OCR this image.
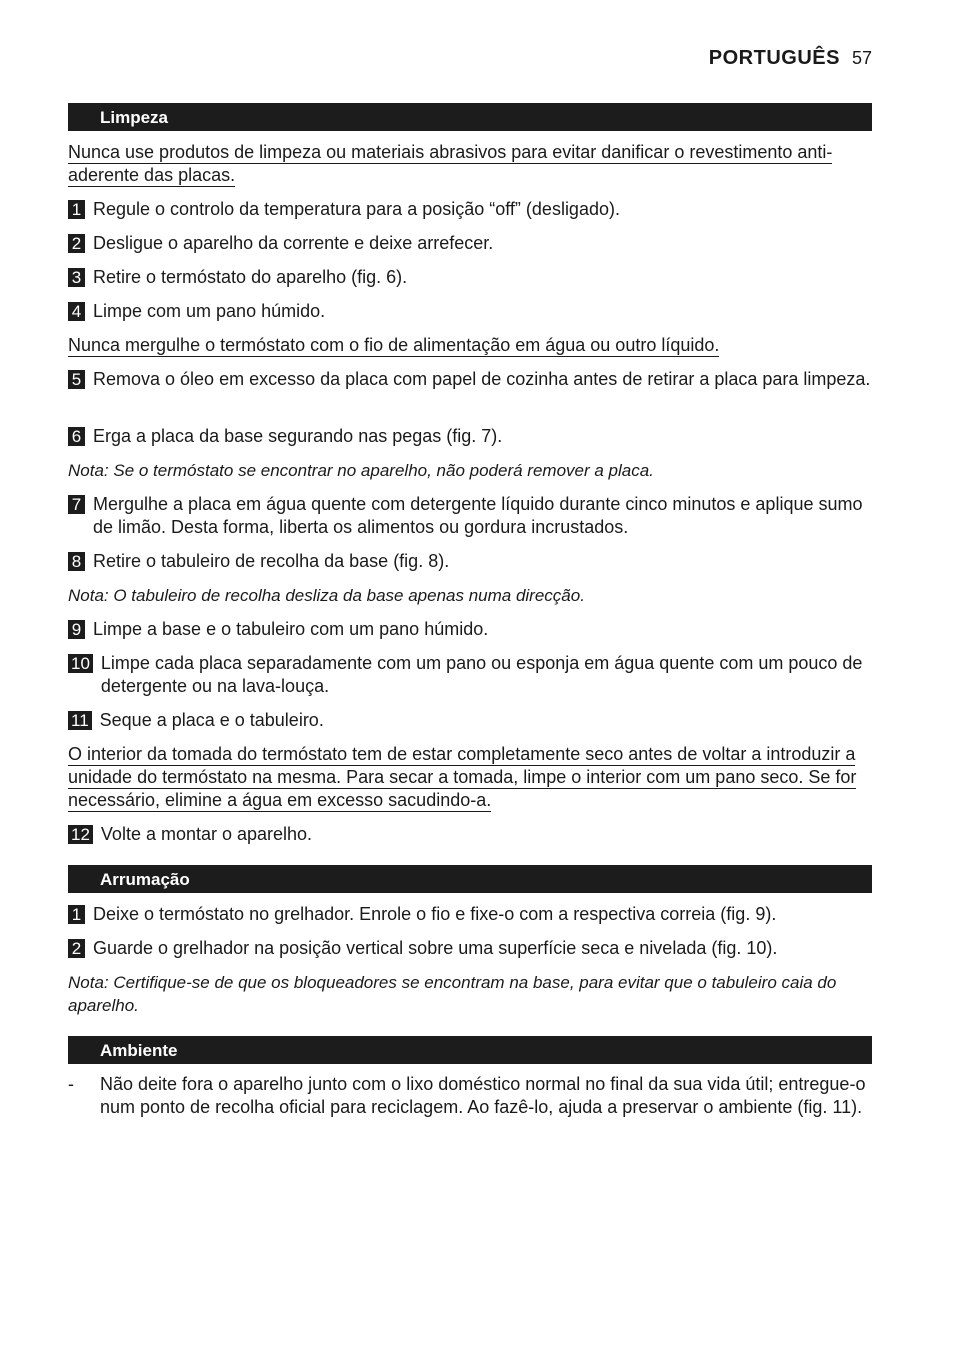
PORTUGUÊS 57
Limpeza
Nunca use produtos de limpeza ou materiais abrasivos para evitar danificar o revestimento anti-aderente das placas.
1 Regule o controlo da temperatura para a posição “off” (desligado).
2 Desligue o aparelho da corrente e deixe arrefecer.
3 Retire o termóstato do aparelho (fig. 6).
4 Limpe com um pano húmido.
Nunca mergulhe o termóstato com o fio de alimentação em água ou outro líquido.
5 Remova o óleo em excesso da placa com papel de cozinha antes de retirar a placa para limpeza.
6 Erga a placa da base segurando nas pegas (fig. 7).
Nota: Se o termóstato se encontrar no aparelho, não poderá remover a placa.
7 Mergulhe a placa em água quente com detergente líquido durante cinco minutos e aplique sumo de limão. Desta forma, liberta os alimentos ou gordura incrustados.
8 Retire o tabuleiro de recolha da base (fig. 8).
Nota: O tabuleiro de recolha desliza da base apenas numa direcção.
9 Limpe a base e o tabuleiro com um pano húmido.
10 Limpe cada placa separadamente com um pano ou esponja em água quente com um pouco de detergente ou na lava-louça.
11 Seque a placa e o tabuleiro.
O interior da tomada do termóstato tem de estar completamente seco antes de voltar a introduzir a unidade do termóstato na mesma. Para secar a tomada, limpe o interior com um pano seco. Se for necessário, elimine a água em excesso sacudindo-a.
12 Volte a montar o aparelho.
Arrumação
1 Deixe o termóstato no grelhador. Enrole o fio e fixe-o com a respectiva correia (fig. 9).
2 Guarde o grelhador na posição vertical sobre uma superfície seca e nivelada (fig. 10).
Nota: Certifique-se de que os bloqueadores se encontram na base, para evitar que o tabuleiro caia do aparelho.
Ambiente
-	Não deite fora o aparelho junto com o lixo doméstico normal no final da sua vida útil; entregue-o num ponto de recolha oficial para reciclagem. Ao fazê-lo, ajuda a preservar o ambiente (fig. 11).
